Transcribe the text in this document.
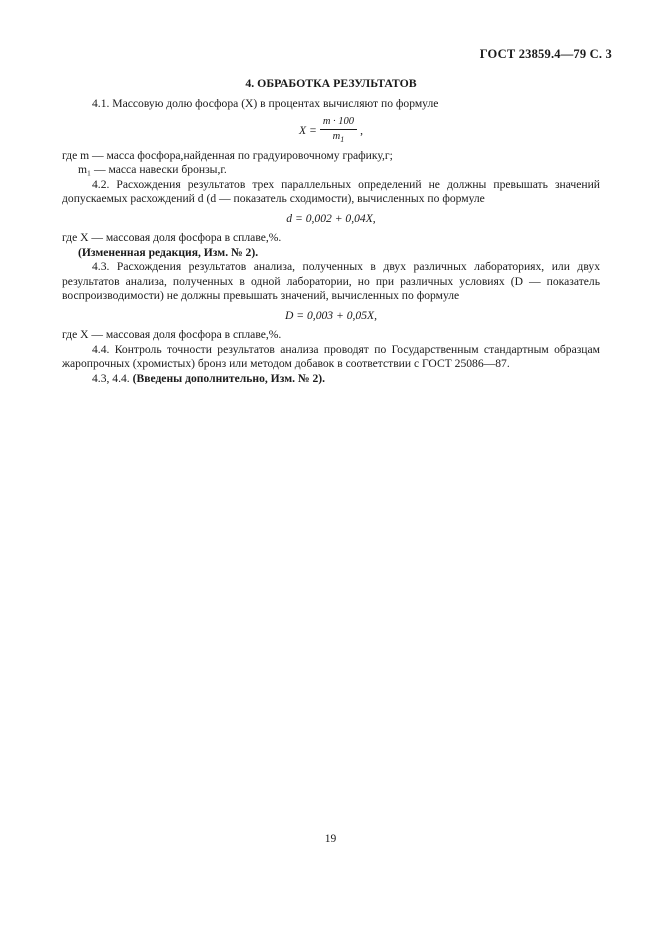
ГОСТ 23859.4—79 С. 3
4. ОБРАБОТКА РЕЗУЛЬТАТОВ

4.1. Массовую долю фосфора (X) в процентах вычисляют по формуле

$X = \frac{m \cdot 100}{m_1}$ ,

где m — масса фосфора,найденная по градуировочному графику,г;

m₁ — масса навески бронзы,г.

4.2. Расхождения результатов трех параллельных определений не должны превышать значений допускаемых расхождений d (d — показатель сходимости), вычисленных по формуле

d = 0,002 + 0,04X,

где X — массовая доля фосфора в сплаве,%.

(Измененная редакция, Изм. № 2).

4.3. Расхождения результатов анализа, полученных в двух различных лабораториях, или двух результатов анализа, полученных в одной лаборатории, но при различных условиях (D — показатель воспроизводимости) не должны превышать значений, вычисленных по формуле

D = 0,003 + 0,05X,

где X — массовая доля фосфора в сплаве,%.

4.4. Контроль точности результатов анализа проводят по Государственным стандартным образцам жаропрочных (хромистых) бронз или методом добавок в соответствии с ГОСТ 25086—87.

4.3, 4.4. (Введены дополнительно, Изм. № 2).

19
